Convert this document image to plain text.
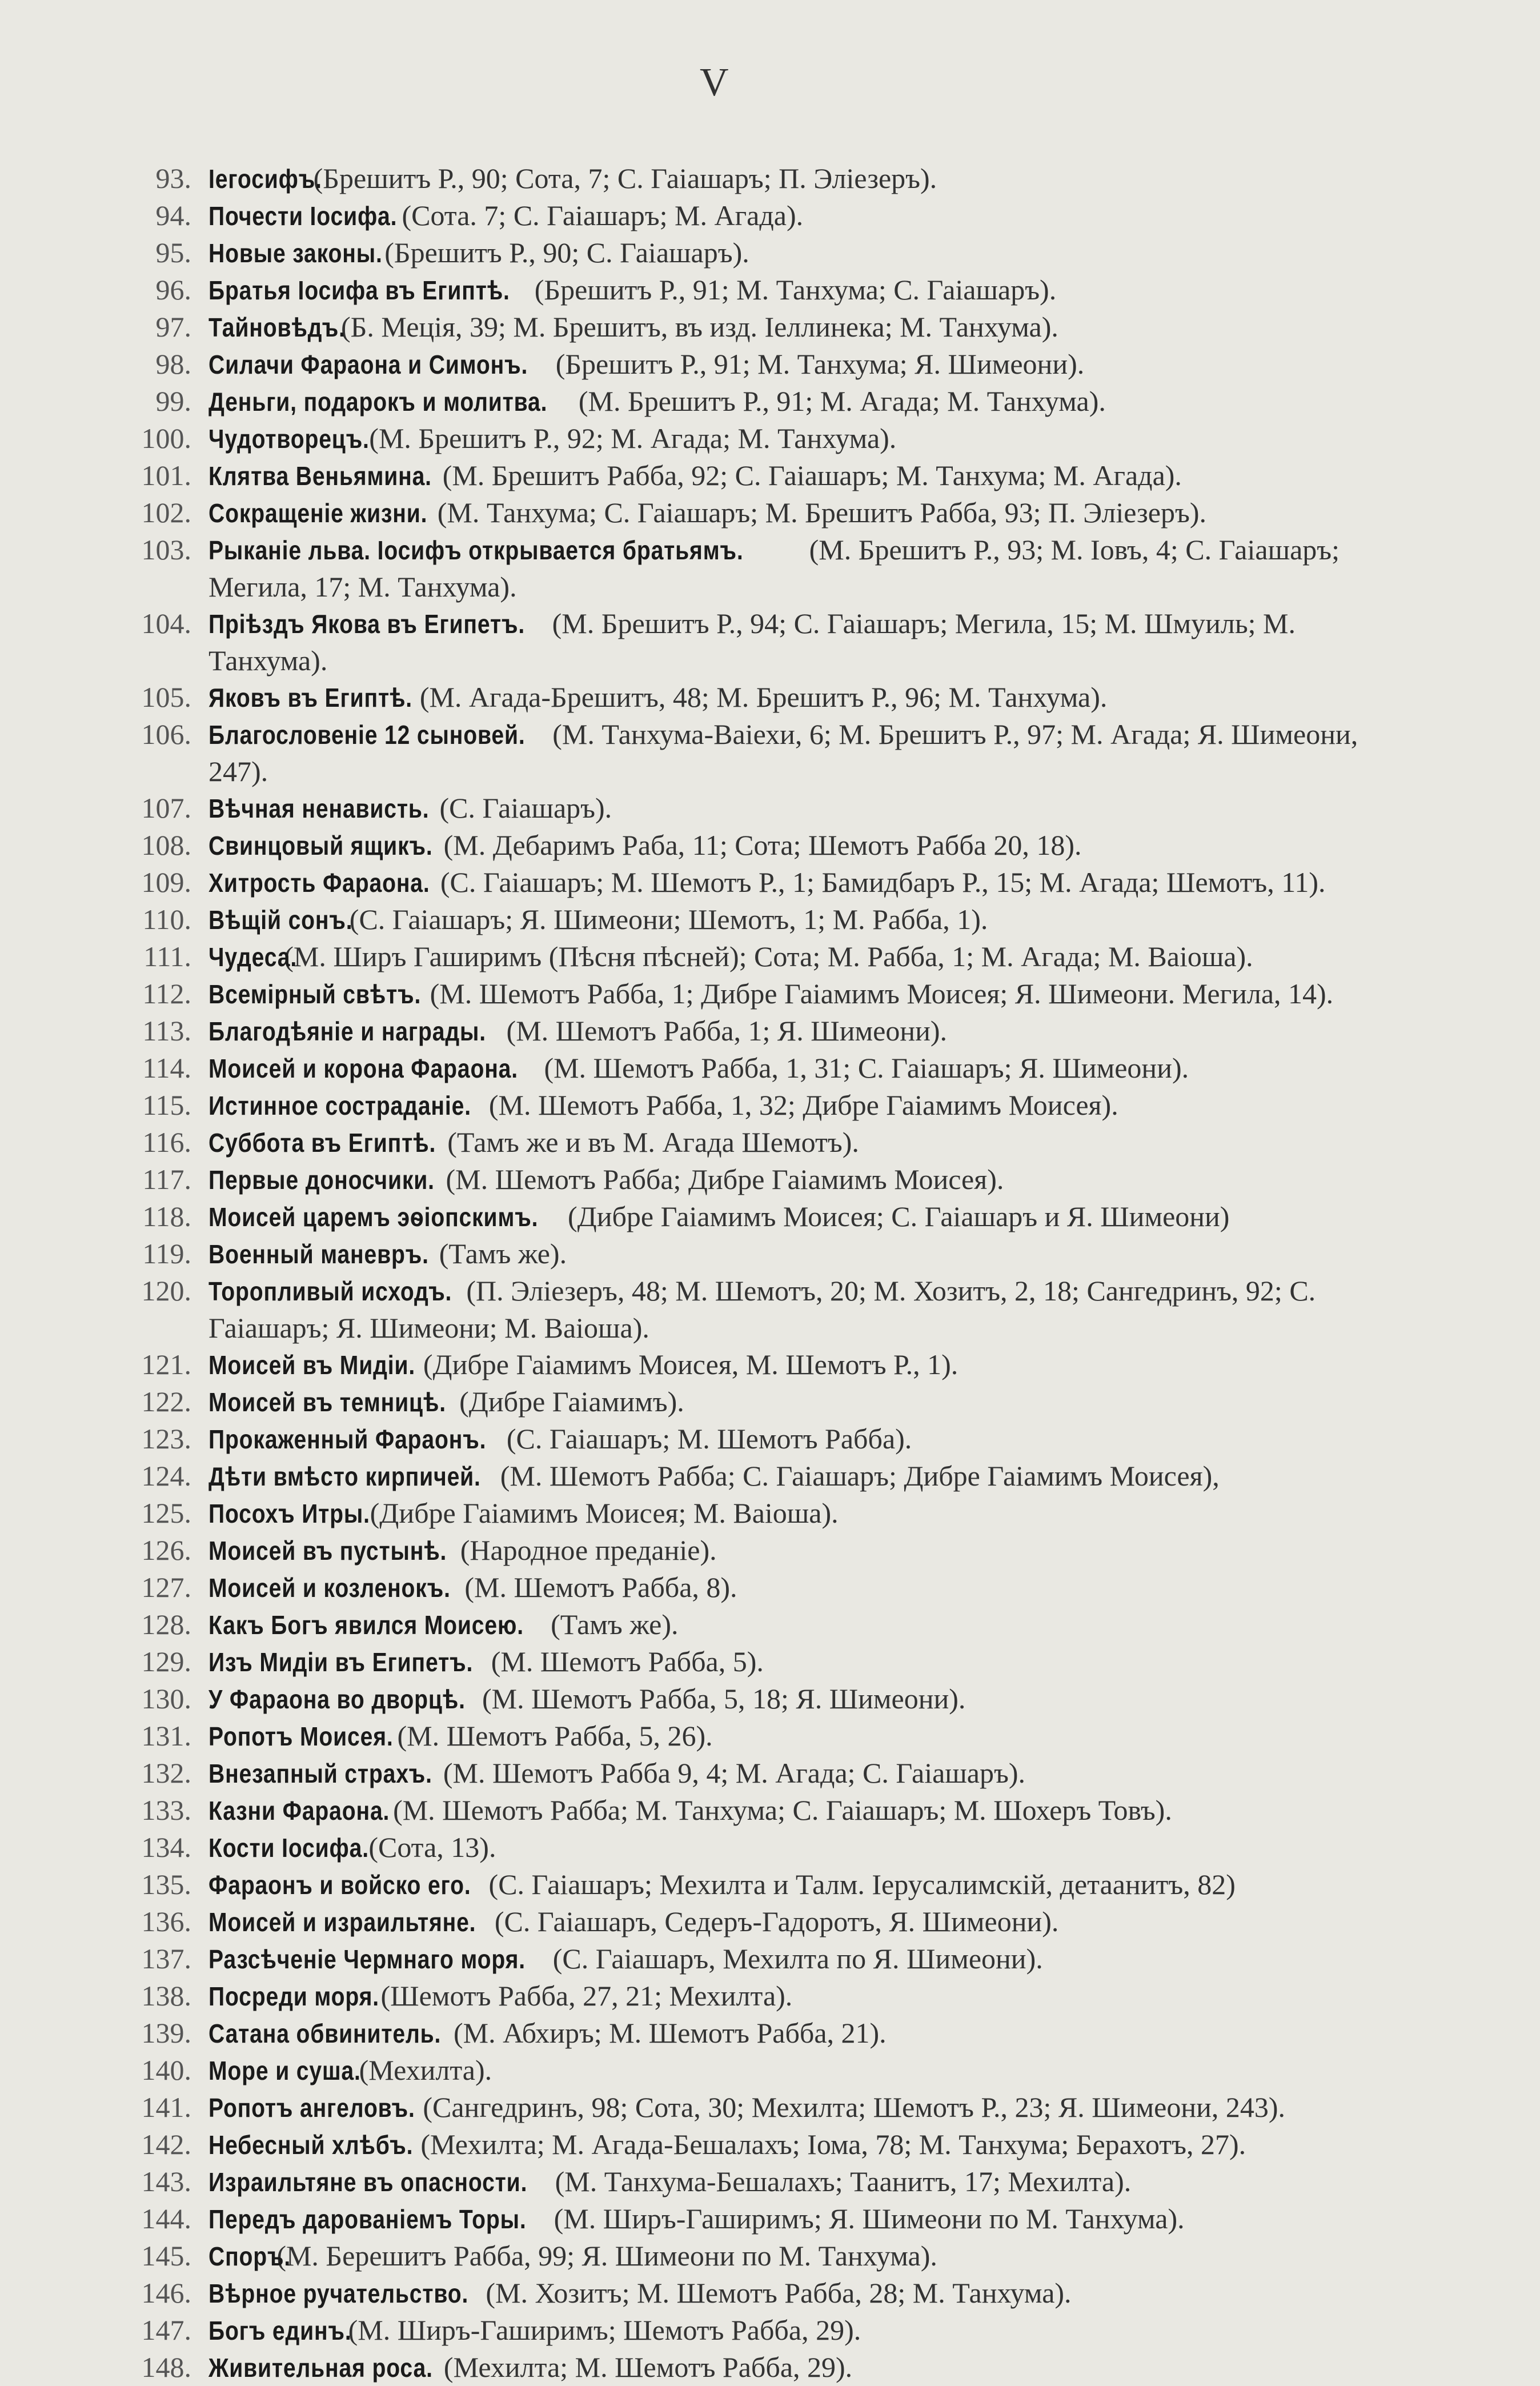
V
93. Іегосифъ. (Брешитъ Р., 90; Сота, 7; С. Гаіашаръ; П. Эліезеръ).
94. Почести Іосифа. (Сота. 7; С. Гаіашаръ; М. Агада).
95. Новые законы. (Брешитъ Р., 90; С. Гаіашаръ).
96. Братья Іосифа въ Египтѣ. (Брешитъ Р., 91; М. Танхума; С. Гаіашаръ).
97. Тайновѣдъ. (Б. Меція, 39; М. Брешитъ, въ изд. Іеллинека; М. Танхума).
98. Силачи Фараона и Симонъ. (Брешитъ Р., 91; М. Танхума; Я. Шимеони).
99. Деньги, подарокъ и молитва. (М. Брешитъ Р., 91; М. Агада; М. Танхума).
100. Чудотворецъ. (М. Брешитъ Р., 92; М. Агада; М. Танхума).
101. Клятва Веньямина. (М. Брешитъ Рабба, 92; С. Гаіашаръ; М. Танхума; М. Агада).
102. Сокращеніе жизни. (М. Танхума; С. Гаіашаръ; М. Брешитъ Рабба, 93; П. Эліезеръ).
103. Рыканіе льва. Іосифъ открывается братьямъ. (М. Брешитъ Р., 93; М. Іовъ, 4; С. Гаіашаръ; Мегила, 17; М. Танхума).
104. Пріѣздъ Якова въ Египетъ. (М. Брешитъ Р., 94; С. Гаіашаръ; Мегила, 15; М. Шмуиль; М. Танхума).
105. Яковъ въ Египтѣ. (М. Агада-Брешитъ, 48; М. Брешитъ Р., 96; М. Танхума).
106. Благословеніе 12 сыновей. (М. Танхума-Ваіехи, 6; М. Брешитъ Р., 97; М. Агада; Я. Шимеони, 247).
107. Вѣчная ненависть. (С. Гаіашаръ).
108. Свинцовый ящикъ. (М. Дебаримъ Раба, 11; Сота; Шемотъ Рабба 20, 18).
109. Хитрость Фараона. (С. Гаіашаръ; М. Шемотъ Р., 1; Бамидбаръ Р., 15; М. Агада; Шемотъ, 11).
110. Вѣщій сонъ. (С. Гаіашаръ; Я. Шимеони; Шемотъ, 1; М. Рабба, 1).
111. Чудеса. (М. Ширъ Гаширимъ (Пѣсня пѣсней); Сота; М. Рабба, 1; М. Агада; М. Ваіоша).
112. Всемірный свѣтъ. (М. Шемотъ Рабба, 1; Дибре Гаіамимъ Моисея; Я. Шимеони. Мегила, 14).
113. Благодѣяніе и награды. (М. Шемотъ Рабба, 1; Я. Шимеони).
114. Моисей и корона Фараона. (М. Шемотъ Рабба, 1, 31; С. Гаіашаръ; Я. Шимеони).
115. Истинное состраданіе. (М. Шемотъ Рабба, 1, 32; Дибре Гаіамимъ Моисея).
116. Суббота въ Египтѣ. (Тамъ же и въ М. Агада Шемотъ).
117. Первые доносчики. (М. Шемотъ Рабба; Дибре Гаіамимъ Моисея).
118. Моисей царемъ эѳіопскимъ. (Дибре Гаіамимъ Моисея; С. Гаіашаръ и Я. Шимеони)
119. Военный маневръ. (Тамъ же).
120. Торопливый исходъ. (П. Эліезеръ, 48; М. Шемотъ, 20; М. Хозитъ, 2, 18; Сангедринъ, 92; С. Гаіашаръ; Я. Шимеони; М. Ваіоша).
121. Моисей въ Мидіи. (Дибре Гаіамимъ Моисея, М. Шемотъ Р., 1).
122. Моисей въ темницѣ. (Дибре Гаіамимъ).
123. Прокаженный Фараонъ. (С. Гаіашаръ; М. Шемотъ Рабба).
124. Дѣти вмѣсто кирпичей. (М. Шемотъ Рабба; С. Гаіашаръ; Дибре Гаіамимъ Моисея),
125. Посохъ Итры. (Дибре Гаіамимъ Моисея; М. Ваіоша).
126. Моисей въ пустынѣ. (Народное преданіе).
127. Моисей и козленокъ. (М. Шемотъ Рабба, 8).
128. Какъ Богъ явился Моисею. (Тамъ же).
129. Изъ Мидіи въ Египетъ. (М. Шемотъ Рабба, 5).
130. У Фараона во дворцѣ. (М. Шемотъ Рабба, 5, 18; Я. Шимеони).
131. Ропотъ Моисея. (М. Шемотъ Рабба, 5, 26).
132. Внезапный страхъ. (М. Шемотъ Рабба 9, 4; М. Агада; С. Гаіашаръ).
133. Казни Фараона. (М. Шемотъ Рабба; М. Танхума; С. Гаіашаръ; М. Шохеръ Товъ).
134. Кости Іосифа. (Сота, 13).
135. Фараонъ и войско его. (С. Гаіашаръ; Мехилта и Талм. Іерусалимскій, детаанитъ, 82)
136. Моисей и израильтяне. (С. Гаіашаръ, Седеръ-Гадоротъ, Я. Шимеони).
137. Разсѣченіе Чермнаго моря. (С. Гаіашаръ, Мехилта по Я. Шимеони).
138. Посреди моря. (Шемотъ Рабба, 27, 21; Мехилта).
139. Сатана обвинитель. (М. Абхиръ; М. Шемотъ Рабба, 21).
140. Море и суша. (Мехилта).
141. Ропотъ ангеловъ. (Сангедринъ, 98; Сота, 30; Мехилта; Шемотъ Р., 23; Я. Шимеони, 243).
142. Небесный хлѣбъ. (Мехилта; М. Агада-Бешалахъ; Іома, 78; М. Танхума; Берахотъ, 27).
143. Израильтяне въ опасности. (М. Танхума-Бешалахъ; Таанитъ, 17; Мехилта).
144. Передъ дарованіемъ Торы. (М. Ширъ-Гаширимъ; Я. Шимеони по М. Танхума).
145. Споръ. (М. Берешитъ Рабба, 99; Я. Шимеони по М. Танхума).
146. Вѣрное ручательство. (М. Хозитъ; М. Шемотъ Рабба, 28; М. Танхума).
147. Богъ единъ. (М. Ширъ-Гаширимъ; Шемотъ Рабба, 29).
148. Живительная роса. (Мехилта; М. Шемотъ Рабба, 29).
